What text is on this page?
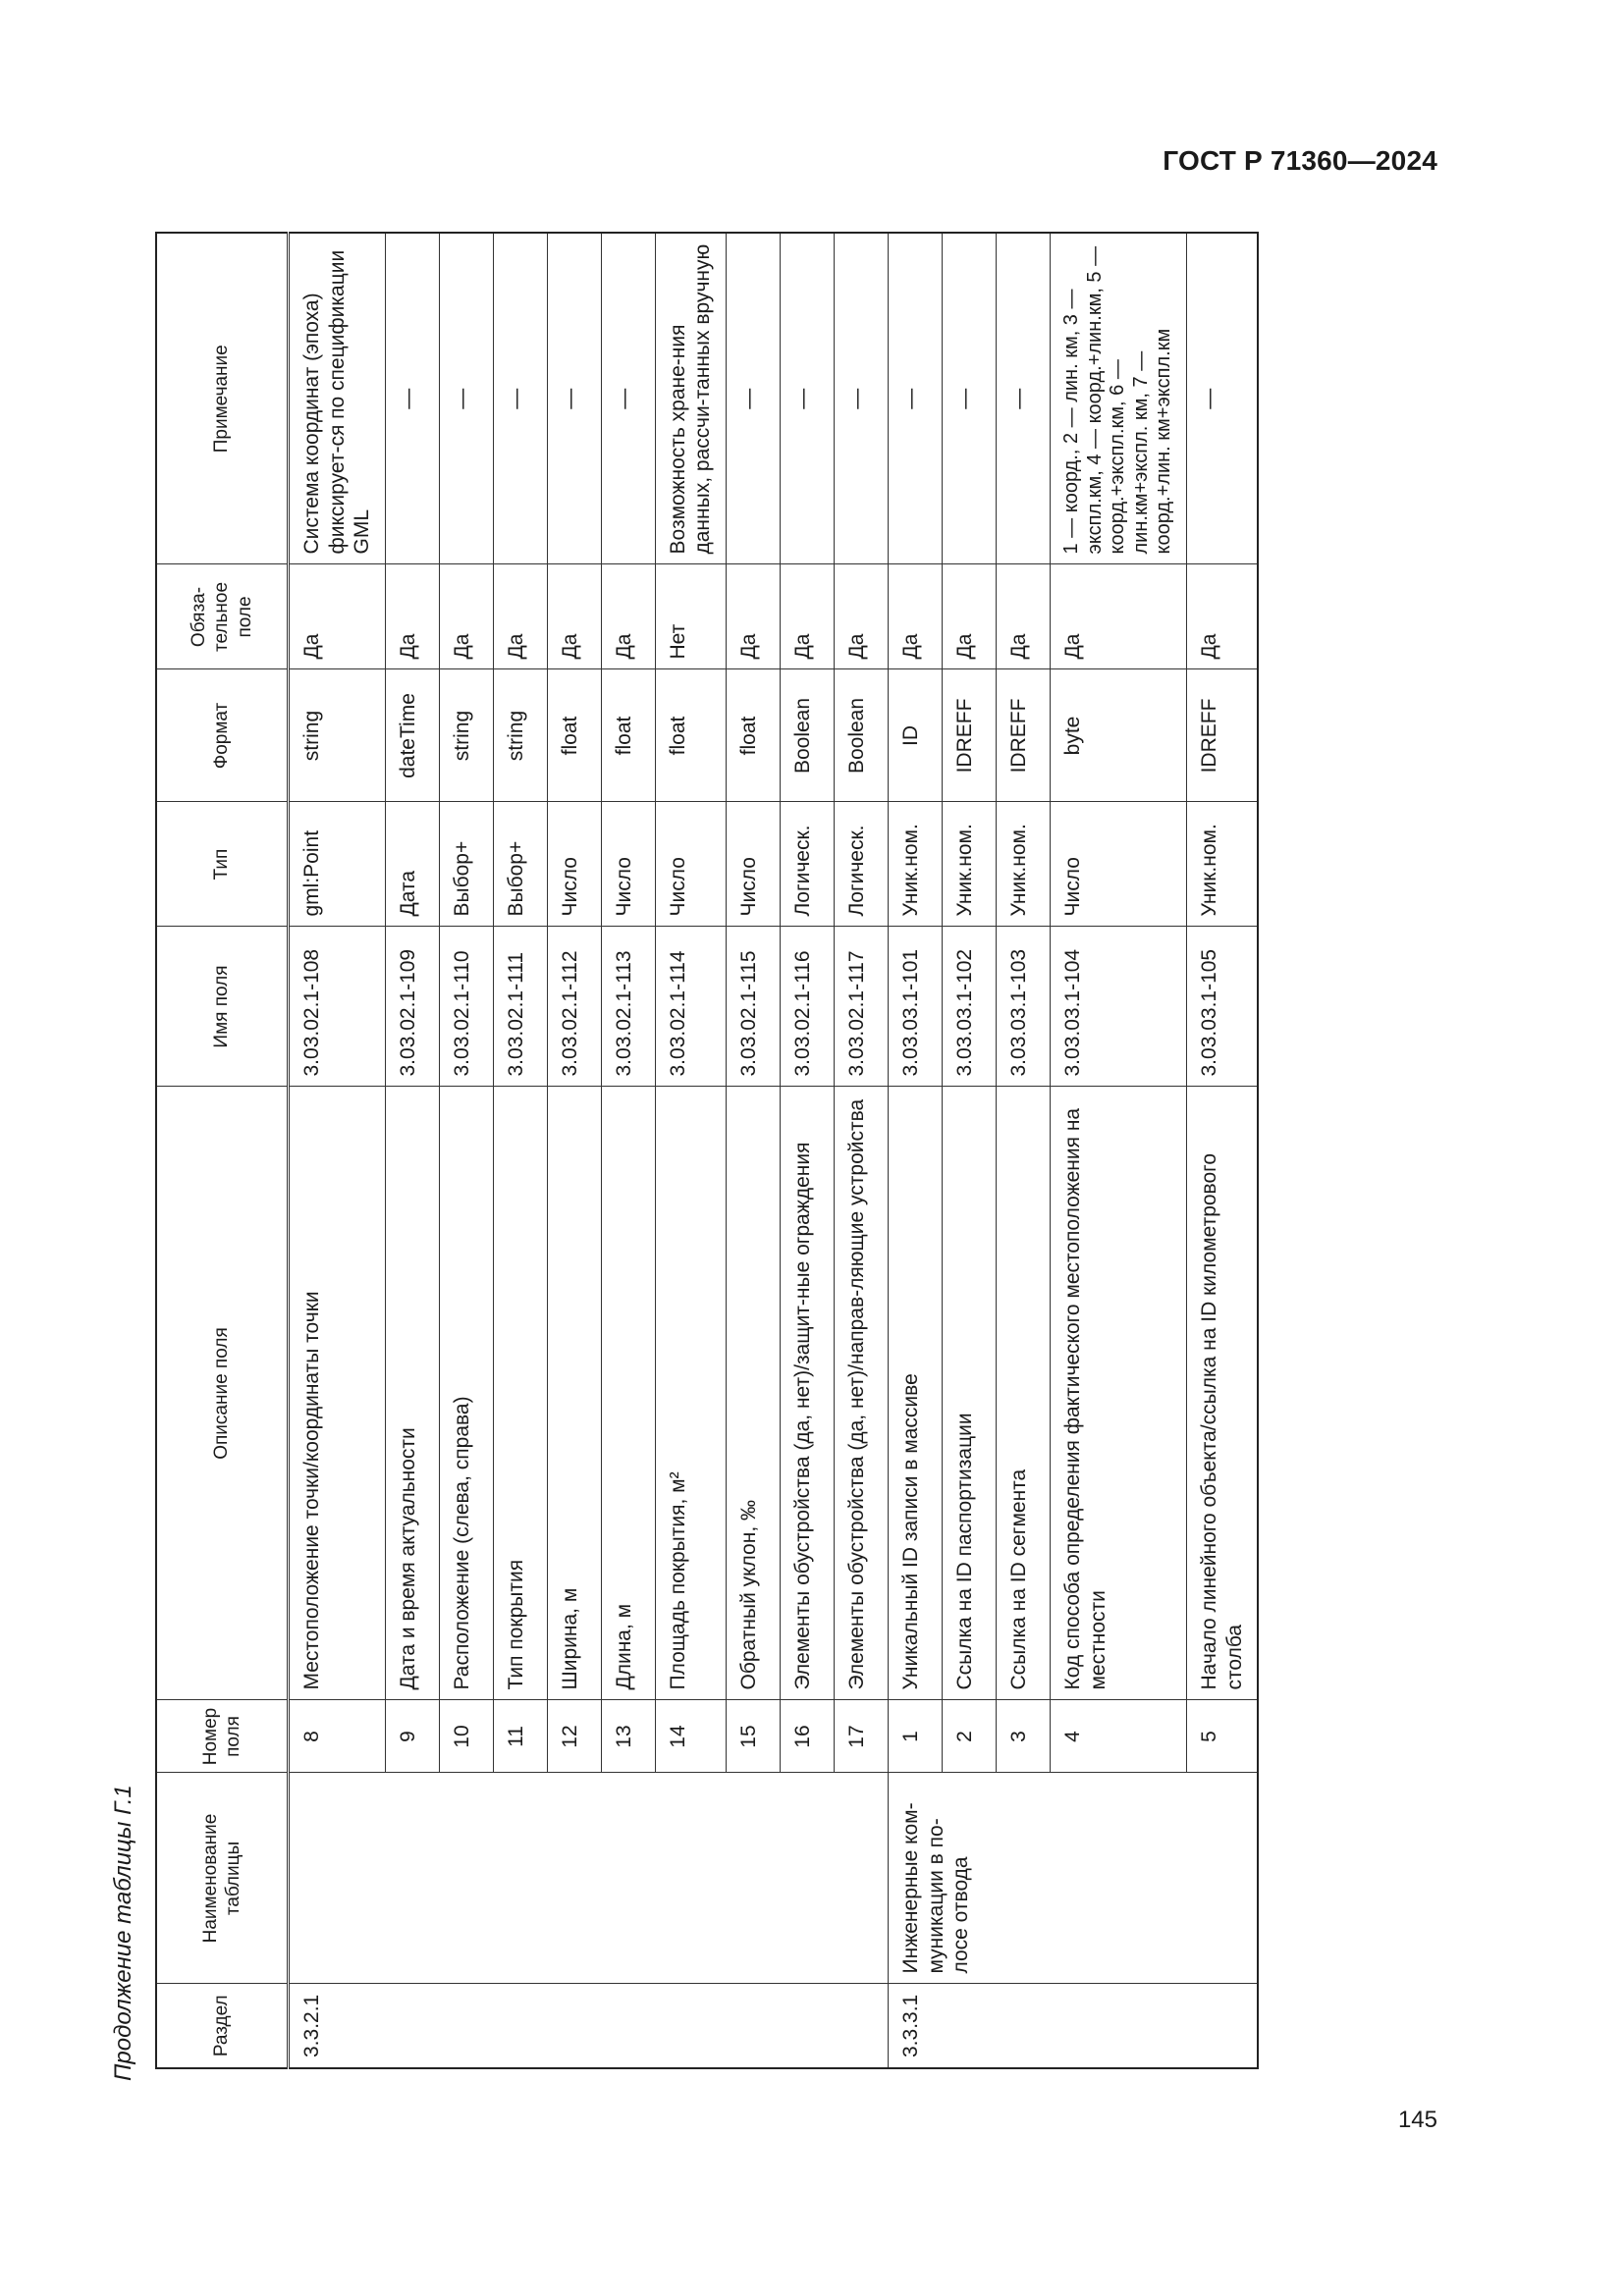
ГОСТ Р 71360—2024
Продолжение таблицы Г.1
145
Раздел	Наименование таблицы	Номер поля	Описание поля	Имя поля	Тип	Формат	Обяза-тельное поле	Примечание
3.3.2.1		8	Местоположение точки/координаты точки	3.03.02.1-108	gml:Point	string	Да	Система координат (эпоха) фиксирует-ся по спецификации GML
		9	Дата и время актуальности	3.03.02.1-109	Дата	dateTime	Да	—
		10	Расположение (слева, справа)	3.03.02.1-110	Выбор+	string	Да	—
		11	Тип покрытия	3.03.02.1-111	Выбор+	string	Да	—
		12	Ширина, м	3.03.02.1-112	Число	float	Да	—
		13	Длина, м	3.03.02.1-113	Число	float	Да	—
		14	Площадь покрытия, м²	3.03.02.1-114	Число	float	Нет	Возможность хране-ния данных, рассчи-танных вручную
		15	Обратный уклон, ‰	3.03.02.1-115	Число	float	Да	—
		16	Элементы обустройства (да, нет)/защит-ные ограждения	3.03.02.1-116	Логическ.	Boolean	Да	—
		17	Элементы обустройства (да, нет)/направ-ляющие устройства	3.03.02.1-117	Логическ.	Boolean	Да	—
3.3.3.1	Инженерные ком-муникации в по-лосе отвода	1	Уникальный ID записи в массиве	3.03.03.1-101	Уник.ном.	ID	Да	—
		2	Ссылка на ID паспортизации	3.03.03.1-102	Уник.ном.	IDREFF	Да	—
		3	Ссылка на ID сегмента	3.03.03.1-103	Уник.ном.	IDREFF	Да	—
		4	Код способа определения фактического местоположения на местности	3.03.03.1-104	Число	byte	Да	1 — коорд., 2 — лин. км, 3 — экспл.км, 4 — коорд.+лин.км, 5 — коорд.+экспл.км, 6 — лин.км+экспл. км, 7 — коорд.+лин. км+экспл.км
		5	Начало линейного объекта/ссылка на ID километрового столба	3.03.03.1-105	Уник.ном.	IDREFF	Да	—
